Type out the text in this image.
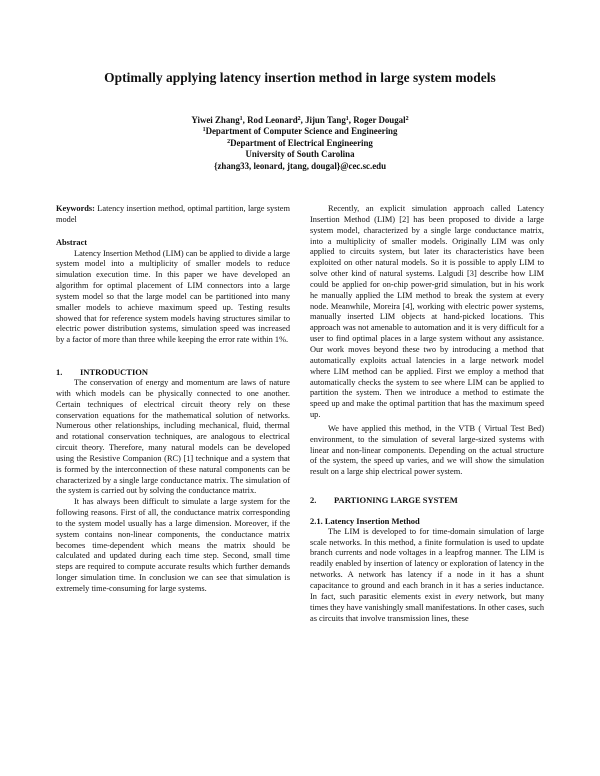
Optimally applying latency insertion method in large system models
Yiwei Zhang$^1$, Rod Leonard$^2$, Jijun Tang$^1$, Roger Dougal$^2$
$^1$Department of Computer Science and Engineering
$^2$Department of Electrical Engineering
University of South Carolina
{zhang33, leonard, jtang, dougal}@cec.sc.edu

Keywords: Latency insertion method, optimal partition, large system model

Abstract

Latency Insertion Method (LIM) can be applied to divide a large system model into a multiplicity of smaller models to reduce simulation execution time. In this paper we have developed an algorithm for optimal placement of LIM connectors into a large system model so that the large model can be partitioned into many smaller models to achieve maximum speed up. Testing results showed that for reference system models having structures similar to electric power distribution systems, simulation speed was increased by a factor of more than three while keeping the error rate within 1%.

1. INTRODUCTION

The conservation of energy and momentum are laws of nature with which models can be physically connected to one another. Certain techniques of electrical circuit theory rely on these conservation equations for the mathematical solution of networks. Numerous other relationships, including mechanical, fluid, thermal and rotational conservation techniques, are analogous to electrical circuit theory. Therefore, many natural models can be developed using the Resistive Companion (RC) [1] technique and a system that is formed by the interconnection of these natural components can be characterized by a single large conductance matrix. The simulation of the system is carried out by solving the conductance matrix.

It has always been difficult to simulate a large system for the following reasons. First of all, the conductance matrix corresponding to the system model usually has a large dimension. Moreover, if the system contains non-linear components, the conductance matrix becomes time-dependent which means the matrix should be calculated and updated during each time step. Second, small time steps are required to compute accurate results which further demands longer simulation time. In conclusion we can see that simulation is extremely time-consuming for large systems.

Recently, an explicit simulation approach called Latency Insertion Method (LIM) [2] has been proposed to divide a large system model, characterized by a single large conductance matrix, into a multiplicity of smaller models. Originally LIM was only applied to circuits system, but later its characteristics have been exploited on other natural models. So it is possible to apply LIM to solve other kind of natural systems. Lalgudi [3] describe how LIM could be applied for on-chip power-grid simulation, but in his work he manually applied the LIM method to break the system at every node. Meanwhile, Moreira [4], working with electric power systems, manually inserted LIM objects at hand-picked locations. This approach was not amenable to automation and it is very difficult for a user to find optimal places in a large system without any assistance. Our work moves beyond these two by introducing a method that automatically exploits actual latencies in a large network model where LIM method can be applied. First we employ a method that automatically checks the system to see where LIM can be applied to partition the system. Then we introduce a method to estimate the speed up and make the optimal partition that has the maximum speed up.

We have applied this method, in the VTB ( Virtual Test Bed) environment, to the simulation of several large-sized systems with linear and non-linear components. Depending on the actual structure of the system, the speed up varies, and we will show the simulation result on a large ship electrical power system.

2. PARTIONING LARGE SYSTEM

2.1. Latency Insertion Method

The LIM is developed to for time-domain simulation of large scale networks. In this method, a finite formulation is used to update branch currents and node voltages in a leapfrog manner. The LIM is readily enabled by insertion of latency or exploration of latency in the networks. A network has latency if a node in it has a shunt capacitance to ground and each branch in it has a series inductance. In fact, such parasitic elements exist in every network, but many times they have vanishingly small manifestations. In other cases, such as circuits that involve transmission lines, these
